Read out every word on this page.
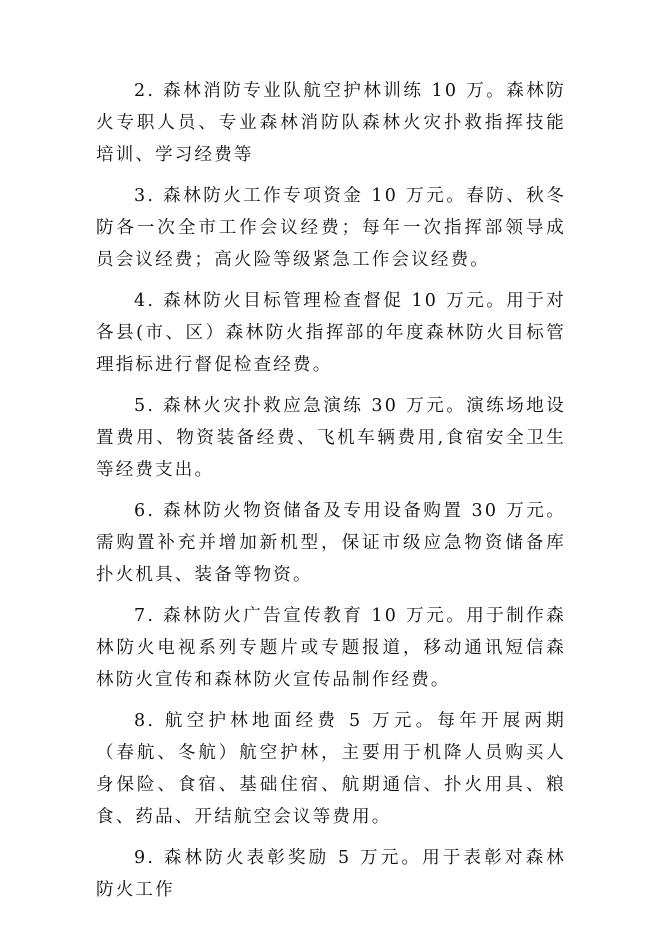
2. 森林消防专业队航空护林训练 10 万。森林防火专职人员、专业森林消防队森林火灾扑救指挥技能培训、学习经费等

3. 森林防火工作专项资金 10 万元。春防、秋冬防各一次全市工作会议经费；每年一次指挥部领导成员会议经费；高火险等级紧急工作会议经费。

4. 森林防火目标管理检查督促 10 万元。用于对各县(市、区）森林防火指挥部的年度森林防火目标管理指标进行督促检查经费。

5. 森林火灾扑救应急演练 30 万元。演练场地设置费用、物资装备经费、飞机车辆费用,食宿安全卫生等经费支出。

6. 森林防火物资储备及专用设备购置 30 万元。需购置补充并增加新机型，保证市级应急物资储备库扑火机具、装备等物资。

7. 森林防火广告宣传教育 10 万元。用于制作森林防火电视系列专题片或专题报道，移动通讯短信森林防火宣传和森林防火宣传品制作经费。

8. 航空护林地面经费 5 万元。每年开展两期（春航、冬航）航空护林，主要用于机降人员购买人身保险、食宿、基础住宿、航期通信、扑火用具、粮食、药品、开结航空会议等费用。

9. 森林防火表彰奖励 5 万元。用于表彰对森林防火工作
